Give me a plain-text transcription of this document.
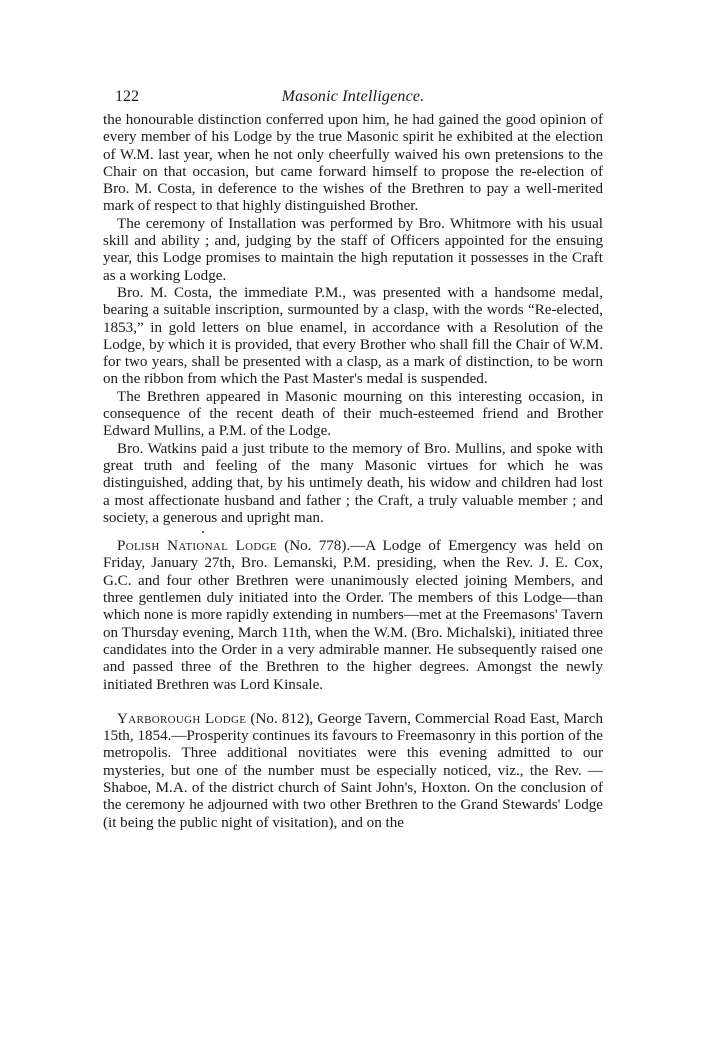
122	Masonic Intelligence.

the honourable distinction conferred upon him, he had gained the good opinion of every member of his Lodge by the true Masonic spirit he exhibited at the election of W.M. last year, when he not only cheerfully waived his own pretensions to the Chair on that occasion, but came forward himself to propose the re-election of Bro. M. Costa, in deference to the wishes of the Brethren to pay a well-merited mark of respect to that highly distinguished Brother.

The ceremony of Installation was performed by Bro. Whitmore with his usual skill and ability ; and, judging by the staff of Officers appointed for the ensuing year, this Lodge promises to maintain the high reputation it possesses in the Craft as a working Lodge.

Bro. M. Costa, the immediate P.M., was presented with a handsome medal, bearing a suitable inscription, surmounted by a clasp, with the words “Re-elected, 1853,” in gold letters on blue enamel, in accordance with a Resolution of the Lodge, by which it is provided, that every Brother who shall fill the Chair of W.M. for two years, shall be presented with a clasp, as a mark of distinction, to be worn on the ribbon from which the Past Master's medal is suspended.

The Brethren appeared in Masonic mourning on this interesting occasion, in consequence of the recent death of their much-esteemed friend and Brother Edward Mullins, a P.M. of the Lodge.

Bro. Watkins paid a just tribute to the memory of Bro. Mullins, and spoke with great truth and feeling of the many Masonic virtues for which he was distinguished, adding that, by his untimely death, his widow and children had lost a most affectionate husband and father ; the Craft, a truly valuable member ; and society, a generous and upright man.

Polish National Lodge (No. 778).—A Lodge of Emergency was held on Friday, January 27th, Bro. Lemanski, P.M. presiding, when the Rev. J. E. Cox, G.C. and four other Brethren were unanimously elected joining Members, and three gentlemen duly initiated into the Order. The members of this Lodge—than which none is more rapidly extending in numbers—met at the Freemasons' Tavern on Thursday evening, March 11th, when the W.M. (Bro. Michalski), initiated three candidates into the Order in a very admirable manner. He subsequently raised one and passed three of the Brethren to the higher degrees. Amongst the newly initiated Brethren was Lord Kinsale.

Yarborough Lodge (No. 812), George Tavern, Commercial Road East, March 15th, 1854.—Prosperity continues its favours to Freemasonry in this portion of the metropolis. Three additional novitiates were this evening admitted to our mysteries, but one of the number must be especially noticed, viz., the Rev. — Shaboe, M.A. of the district church of Saint John's, Hoxton. On the conclusion of the ceremony he adjourned with two other Brethren to the Grand Stewards' Lodge (it being the public night of visitation), and on the
